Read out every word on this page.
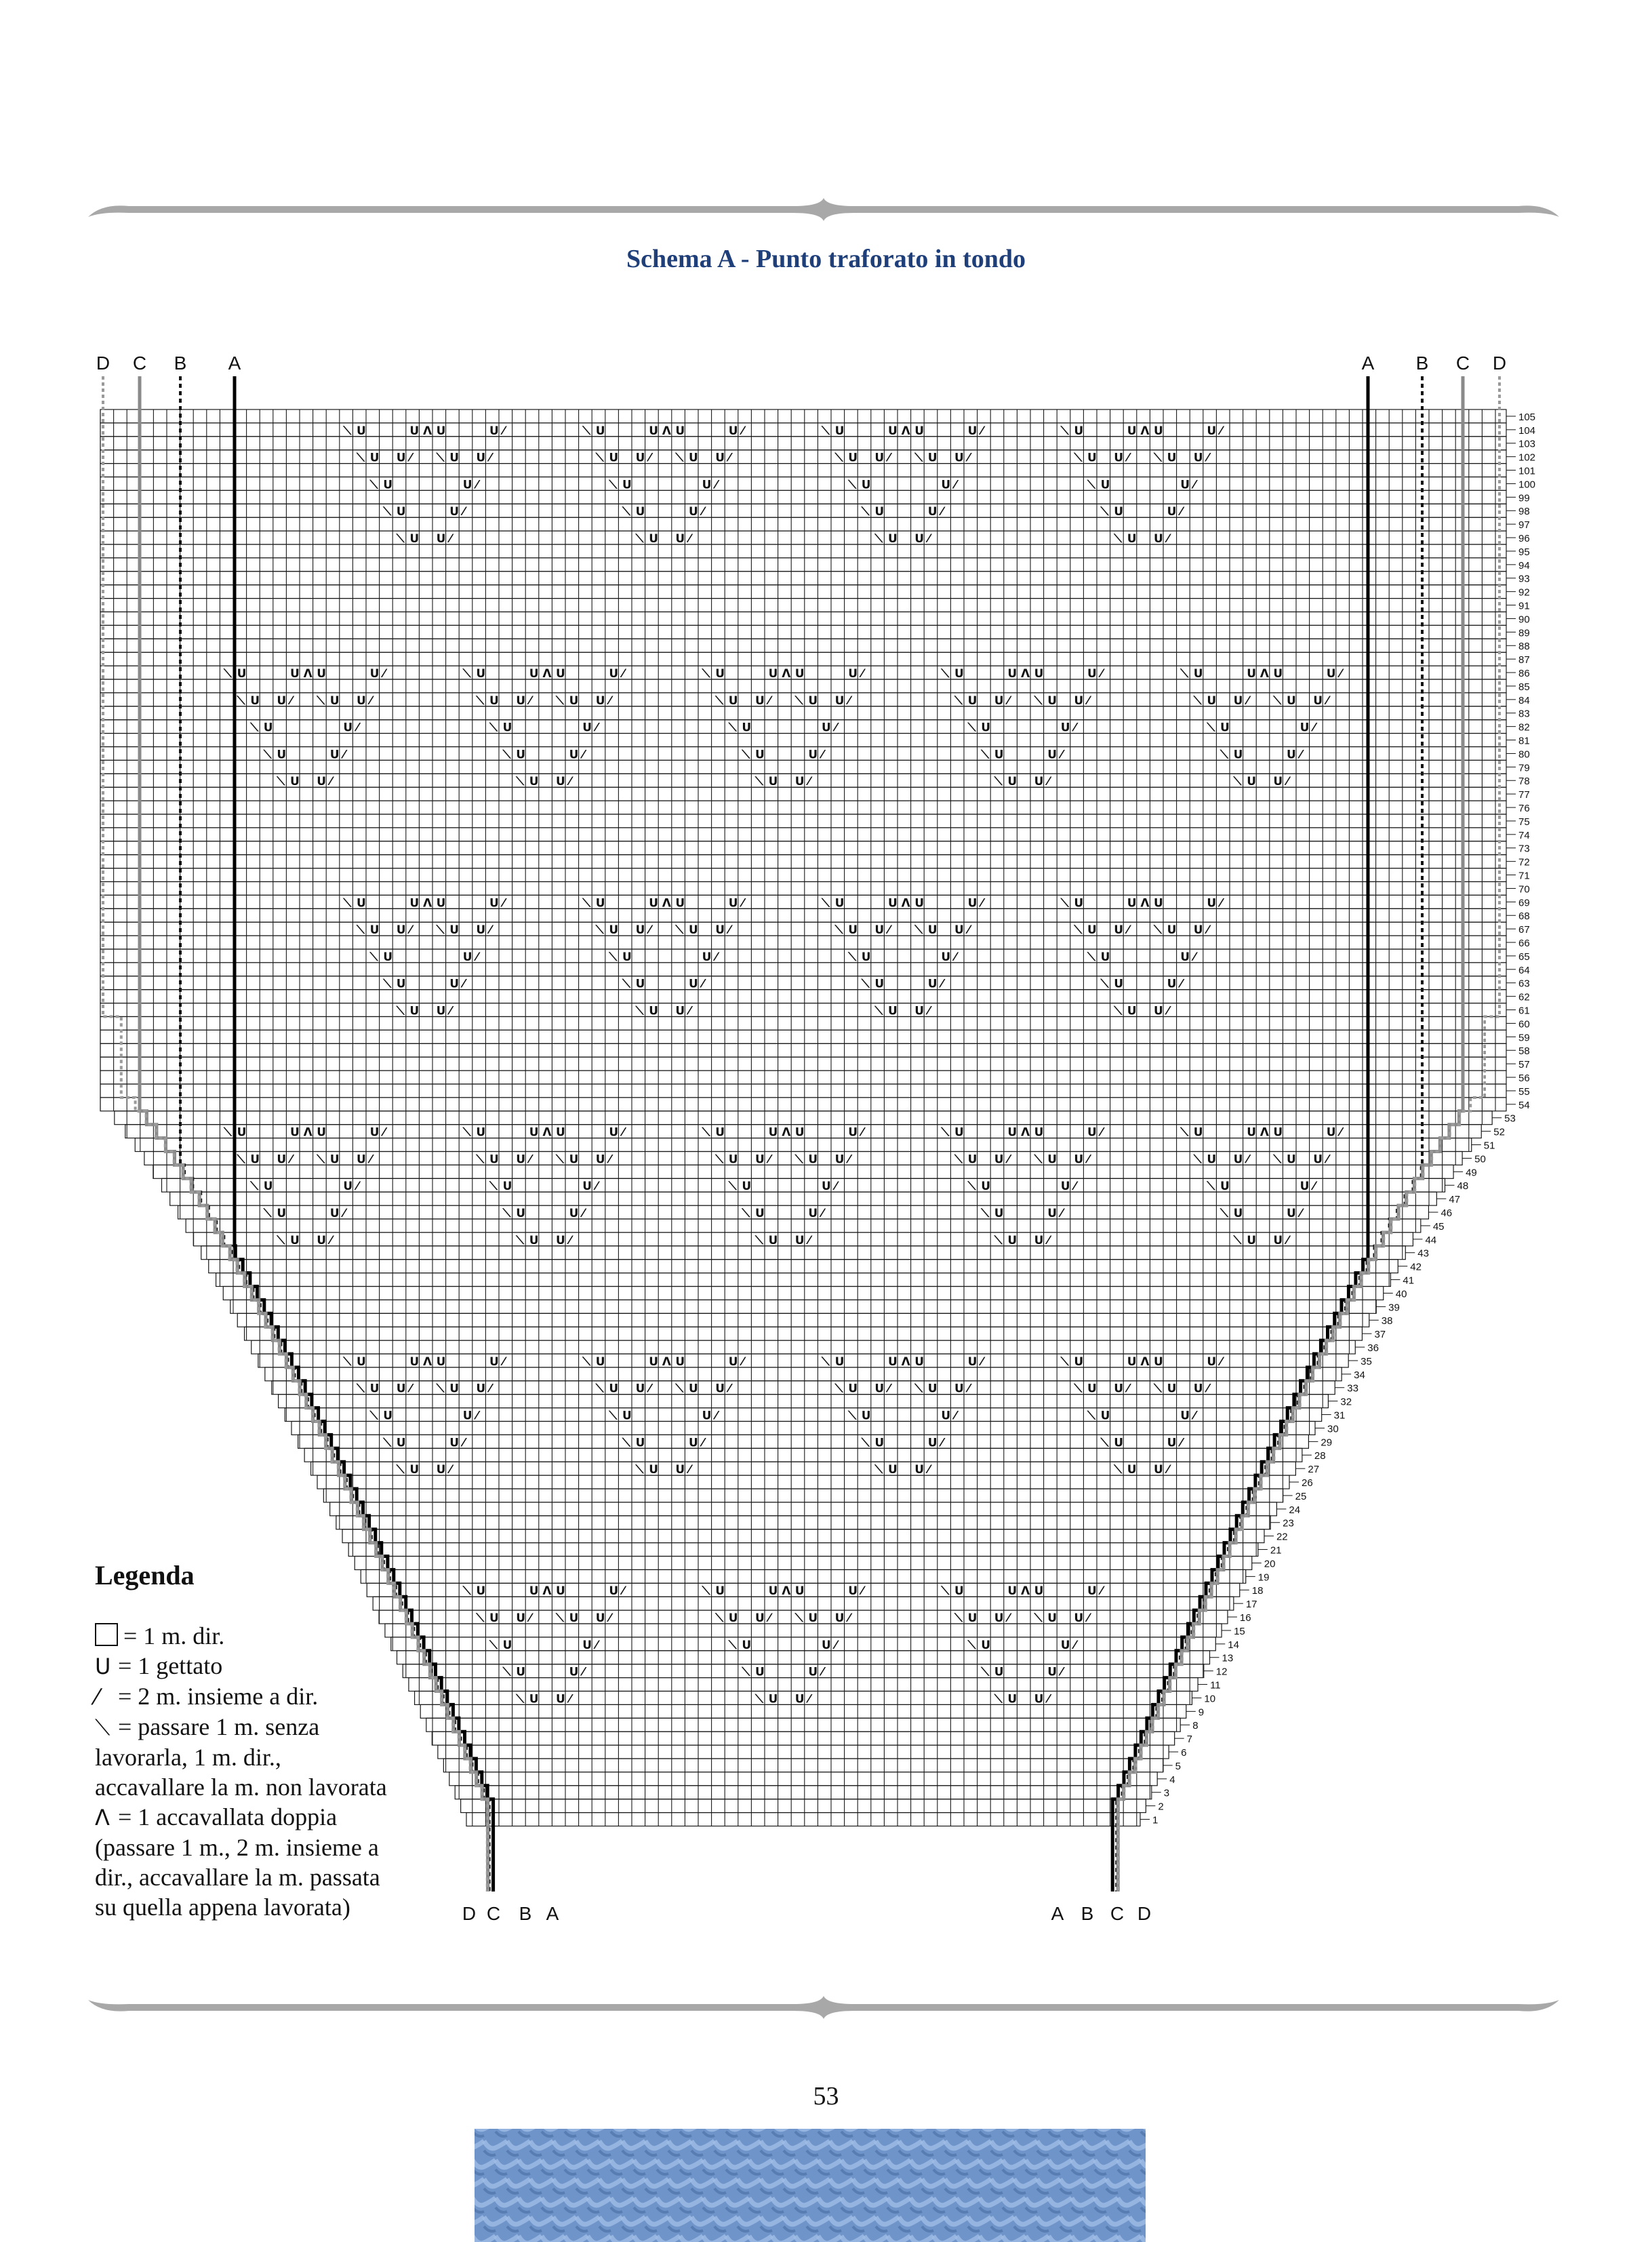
Schema A - Punto traforato in tondo
1
2
3
4
5
6
7
8
9
10
11
12
13
14
15
16
17
18
19
20
21
22
23
24
25
26
27
28
29
30
31
32
33
34
35
36
37
38
39
40
41
42
43
44
45
46
47
48
49
50
51
52
53
54
55
56
57
58
59
60
61
62
63
64
65
66
67
68
69
70
71
72
73
74
75
76
77
78
79
80
81
82
83
84
85
86
87
88
89
90
91
92
93
94
95
96
97
98
99
100
101
102
103
104
105
⟍ U	U Λ U	U ⁄
⟍ U U ⁄ ⟍ U U ⁄
⟍ U	U ⁄
⟍ U	U ⁄
⟍ U U ⁄
⟍ U	U Λ U	U ⁄
⟍ U U ⁄ ⟍ U U ⁄
⟍ U	U ⁄
⟍ U	U ⁄
⟍ U U ⁄
⟍ U	U Λ U	U ⁄
⟍ U U ⁄ ⟍ U U ⁄
⟍ U	U ⁄
⟍ U	U ⁄
⟍ U U ⁄
⟍ U	U Λ U	U ⁄
⟍ U U ⁄ ⟍ U U ⁄
⟍ U	U ⁄
⟍ U	U ⁄
⟍ U U ⁄
⟍ U	U Λ U	U ⁄
⟍ U U ⁄ ⟍ U U ⁄
⟍ U	U ⁄
⟍ U	U ⁄
⟍ U U ⁄
⟍ U	U Λ U	U ⁄
⟍ U U ⁄ ⟍ U U ⁄
⟍ U	U ⁄
⟍ U	U ⁄
⟍ U U ⁄
⟍ U	U Λ U	U ⁄
⟍ U U ⁄ ⟍ U U ⁄
⟍ U	U ⁄
⟍ U	U ⁄
⟍ U U ⁄
⟍ U	U Λ U	U ⁄
⟍ U U ⁄ ⟍ U U ⁄
⟍ U	U ⁄
⟍ U	U ⁄
⟍ U U ⁄
⟍ U	U Λ U	U ⁄
⟍ U U ⁄ ⟍ U U ⁄
⟍ U	U ⁄
⟍ U	U ⁄
⟍ U U ⁄
⟍ U	U Λ U	U ⁄
⟍ U U ⁄ ⟍ U U ⁄
⟍ U	U ⁄
⟍ U	U ⁄
⟍ U U ⁄
⟍ U	U Λ U	U ⁄
⟍ U U ⁄ ⟍ U U ⁄
⟍ U	U ⁄
⟍ U	U ⁄
⟍ U U ⁄
⟍ U	U Λ U	U ⁄
⟍ U U ⁄ ⟍ U U ⁄
⟍ U	U ⁄
⟍ U	U ⁄
⟍ U U ⁄
⟍ U	U Λ U	U ⁄
⟍ U U ⁄ ⟍ U U ⁄
⟍ U	U ⁄
⟍ U	U ⁄
⟍ U U ⁄
⟍ U	U Λ U	U ⁄
⟍ U U ⁄ ⟍ U U ⁄
⟍ U	U ⁄
⟍ U	U ⁄
⟍ U U ⁄
⟍ U	U Λ U	U ⁄
⟍ U U ⁄ ⟍ U U ⁄
⟍ U	U ⁄
⟍ U	U ⁄
⟍ U U ⁄
⟍ U	U Λ U	U ⁄
⟍ U U ⁄ ⟍ U U ⁄
⟍ U	U ⁄
⟍ U	U ⁄
⟍ U U ⁄
⟍ U	U Λ U	U ⁄
⟍ U U ⁄ ⟍ U U ⁄
⟍ U	U ⁄
⟍ U	U ⁄
⟍ U U ⁄
⟍ U	U Λ U	U ⁄
⟍ U U ⁄ ⟍ U U ⁄
⟍ U	U ⁄
⟍ U	U ⁄
⟍ U U ⁄
⟍ U	U Λ U	U ⁄
⟍ U U ⁄ ⟍ U U ⁄
⟍ U	U ⁄
⟍ U	U ⁄
⟍ U U ⁄
⟍ U	U Λ U	U ⁄
⟍ U U ⁄ ⟍ U U ⁄
⟍ U	U ⁄
⟍ U	U ⁄
⟍ U U ⁄
⟍ U	U Λ U	U ⁄
⟍ U U ⁄ ⟍ U U ⁄
⟍ U	U ⁄
⟍ U	U ⁄
⟍ U U ⁄
⟍ U	U Λ U	U ⁄
⟍ U U ⁄ ⟍ U U ⁄
⟍ U	U ⁄
⟍ U	U ⁄
⟍ U U ⁄
⟍ U	U Λ U	U ⁄
⟍ U U ⁄ ⟍ U U ⁄
⟍ U	U ⁄
⟍ U	U ⁄
⟍ U U ⁄
⟍ U	U Λ U	U ⁄
⟍ U U ⁄ ⟍ U U ⁄
⟍ U	U ⁄
⟍ U	U ⁄
⟍ U U ⁄
⟍ U	U Λ U	U ⁄
⟍ U U ⁄ ⟍ U U ⁄
⟍ U	U ⁄
⟍ U	U ⁄
⟍ U U ⁄
D C B A	A B C D
D C B A	A B C D
Legenda
= 1 m. dir.
U = 1 gettato
⁄ = 2 m. insieme a dir.
⟍ = passare 1 m. senza lavorarla, 1 m. dir., accavallare la m. non lavorata
Λ = 1 accavallata doppia (passare 1 m., 2 m. insieme a dir., accavallare la m. passata su quella appena lavorata)
53
